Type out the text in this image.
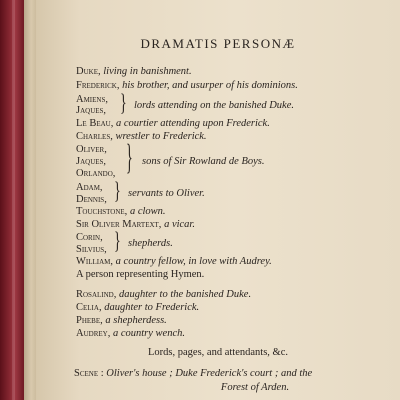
DRAMATIS PERSONÆ
Duke, living in banishment.
Frederick, his brother, and usurper of his dominions.
Amiens,
Jaques, } lords attending on the banished Duke.
Le Beau, a courtier attending upon Frederick.
Charles, wrestler to Frederick.
Oliver,
Jaques,
Orlando, } sons of Sir Rowland de Boys.
Adam,
Dennis, } servants to Oliver.
Touchstone, a clown.
Sir Oliver Martext, a vicar.
Corin,
Silvius, } shepherds.
William, a country fellow, in love with Audrey.
A person representing Hymen.
Rosalind, daughter to the banished Duke.
Celia, daughter to Frederick.
Phebe, a shepherdess.
Audrey, a country wench.
Lords, pages, and attendants, &c.
Scene : Oliver's house ; Duke Frederick's court ; and the
Forest of Arden.
